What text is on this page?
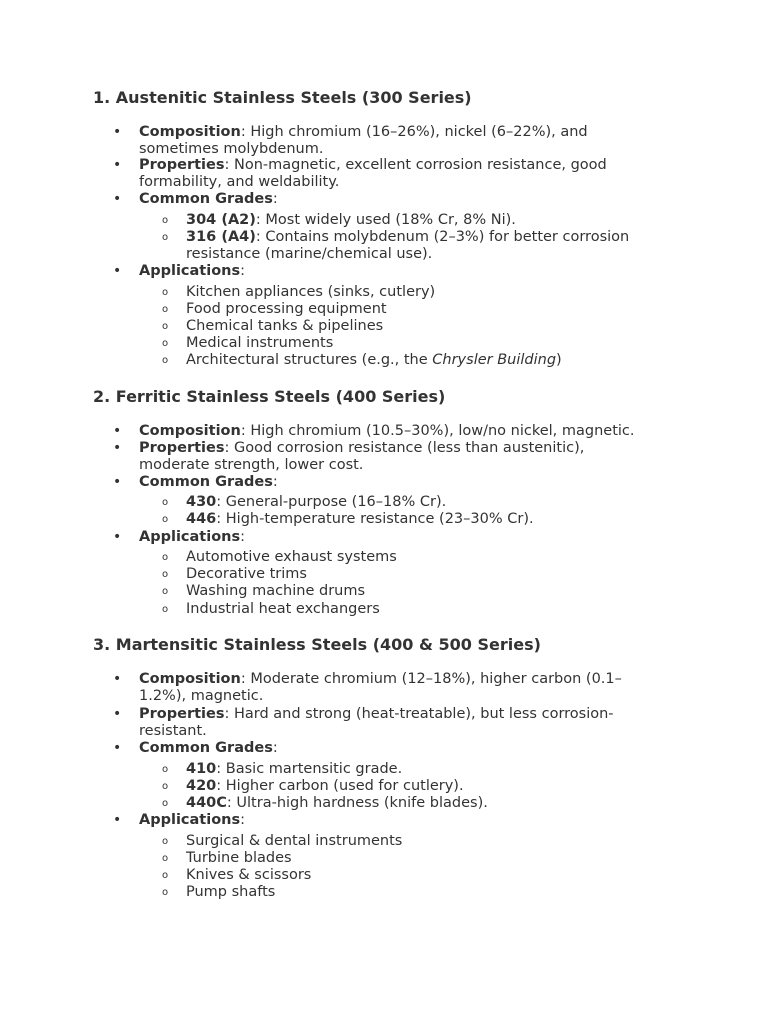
1. Austenitic Stainless Steels (300 Series)
• Composition: High chromium (16–26%), nickel (6–22%), and
sometimes molybdenum.
• Properties: Non-magnetic, excellent corrosion resistance, good
formability, and weldability.
• Common Grades:
o 304 (A2): Most widely used (18% Cr, 8% Ni).
o 316 (A4): Contains molybdenum (2–3%) for better corrosion
resistance (marine/chemical use).
• Applications:
o Kitchen appliances (sinks, cutlery)
o Food processing equipment
o Chemical tanks & pipelines
o Medical instruments
o Architectural structures (e.g., the Chrysler Building)
2. Ferritic Stainless Steels (400 Series)
• Composition: High chromium (10.5–30%), low/no nickel, magnetic.
• Properties: Good corrosion resistance (less than austenitic),
moderate strength, lower cost.
• Common Grades:
o 430: General-purpose (16–18% Cr).
o 446: High-temperature resistance (23–30% Cr).
• Applications:
o Automotive exhaust systems
o Decorative trims
o Washing machine drums
o Industrial heat exchangers
3. Martensitic Stainless Steels (400 & 500 Series)
• Composition: Moderate chromium (12–18%), higher carbon (0.1–
1.2%), magnetic.
• Properties: Hard and strong (heat-treatable), but less corrosion-
resistant.
• Common Grades:
o 410: Basic martensitic grade.
o 420: Higher carbon (used for cutlery).
o 440C: Ultra-high hardness (knife blades).
• Applications:
o Surgical & dental instruments
o Turbine blades
o Knives & scissors
o Pump shafts
